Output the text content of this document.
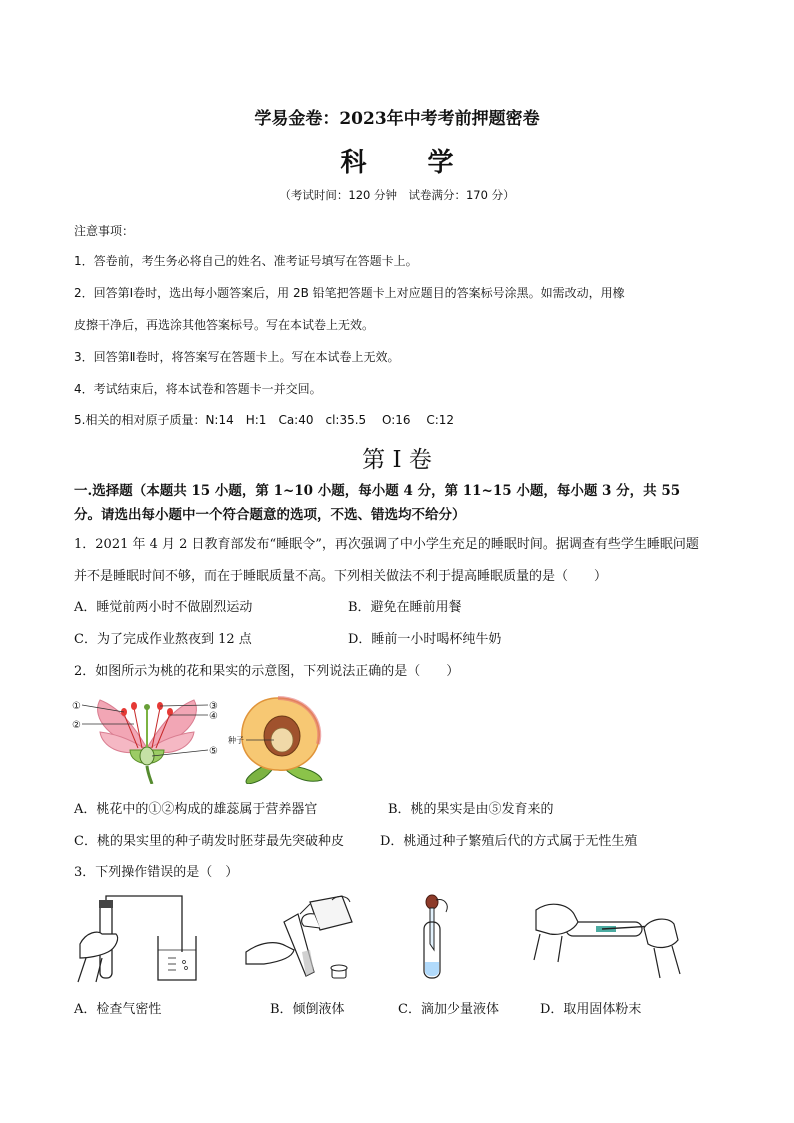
学易金卷：2023年中考考前押题密卷
科 学
（考试时间：120 分钟　试卷满分：170 分）
注意事项：
1．答卷前，考生务必将自己的姓名、准考证号填写在答题卡上。
2．回答第Ⅰ卷时，选出每小题答案后，用 2B 铅笔把答题卡上对应题目的答案标号涂黑。如需改动，用橡
皮擦干净后，再选涂其他答案标号。写在本试卷上无效。
3．回答第Ⅱ卷时，将答案写在答题卡上。写在本试卷上无效。
4．考试结束后，将本试卷和答题卡一并交回。
5.相关的相对原子质量：N:14　H:1　Ca:40　cl:35.5　 O:16　 C:12
第 I 卷
一.选择题（本题共 15 小题，第 1~10 小题，每小题 4 分，第 11~15 小题，每小题 3 分，共 55
分。请选出每小题中一个符合题意的选项，不选、错选均不给分）
1．2021 年 4 月 2 日教育部发布“睡眠令”，再次强调了中小学生充足的睡眠时间。据调查有些学生睡眠问题
并不是睡眠时间不够，而在于睡眠质量不高。下列相关做法不利于提高睡眠质量的是（　　）
A．睡觉前两小时不做剧烈运动	B．避免在睡前用餐
C．为了完成作业熬夜到 12 点	D．睡前一小时喝杯纯牛奶
2．如图所示为桃的花和果实的示意图，下列说法正确的是（　　）
①
②
③
④
⑤
种子
A．桃花中的①②构成的雄蕊属于营养器官	B．桃的果实是由⑤发育来的
C．桃的果实里的种子萌发时胚芽最先突破种皮	D．桃通过种子繁殖后代的方式属于无性生殖
3．下列操作错误的是（　）
A．检查气密性	B．倾倒液体	C．滴加少量液体	D．取用固体粉末
